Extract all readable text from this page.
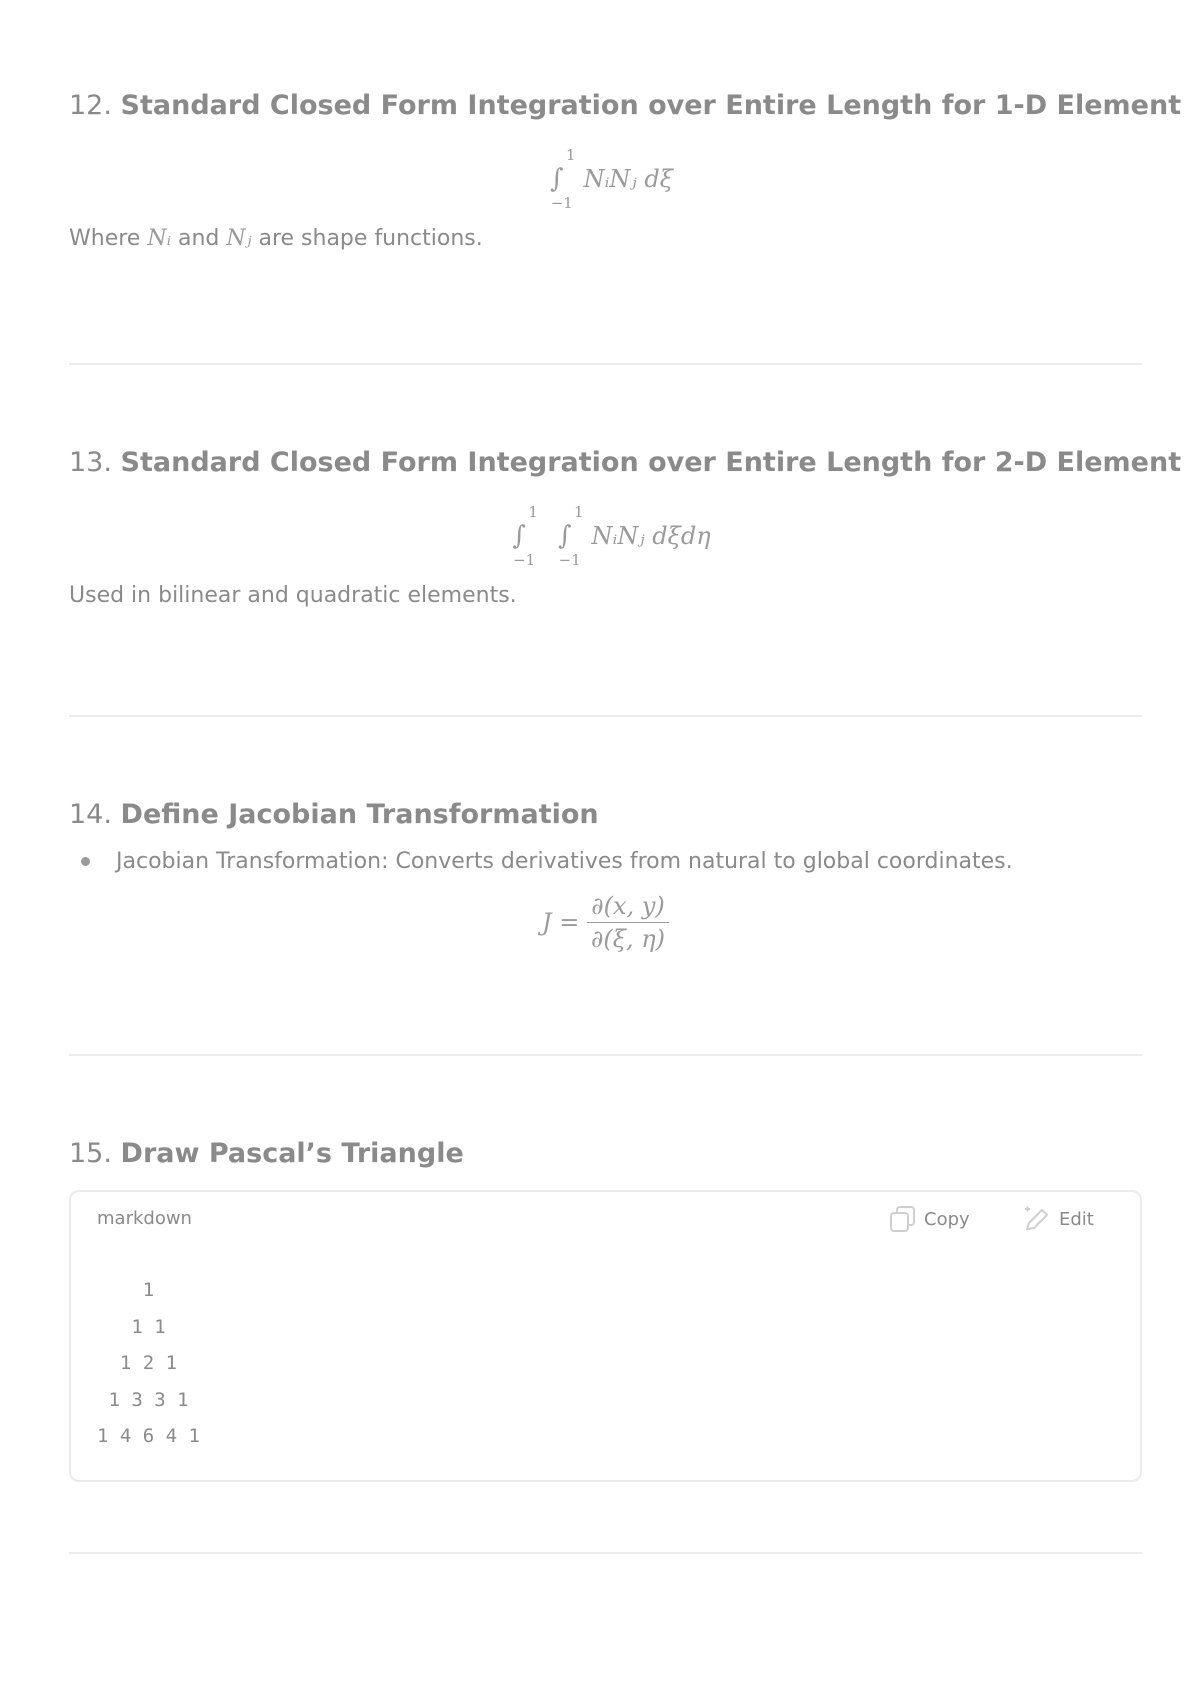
12. Standard Closed Form Integration over Entire Length for 1-D Element
1
∫
−1
NᵢNⱼ dξ
Where Nᵢ and Nⱼ are shape functions.
13. Standard Closed Form Integration over Entire Length for 2-D Element
1
∫
−1
1
∫
−1
NᵢNⱼ dξdη
Used in bilinear and quadratic elements.
14. Define Jacobian Transformation
Jacobian Transformation: Converts derivatives from natural to global coordinates.
$J = \frac{\partial(x, y)}{\partial(\xi, \eta)}$
15. Draw Pascal’s Triangle
markdown	Copy	Edit
1
1 1
1 2 1
1 3 3 1
1 4 6 4 1
